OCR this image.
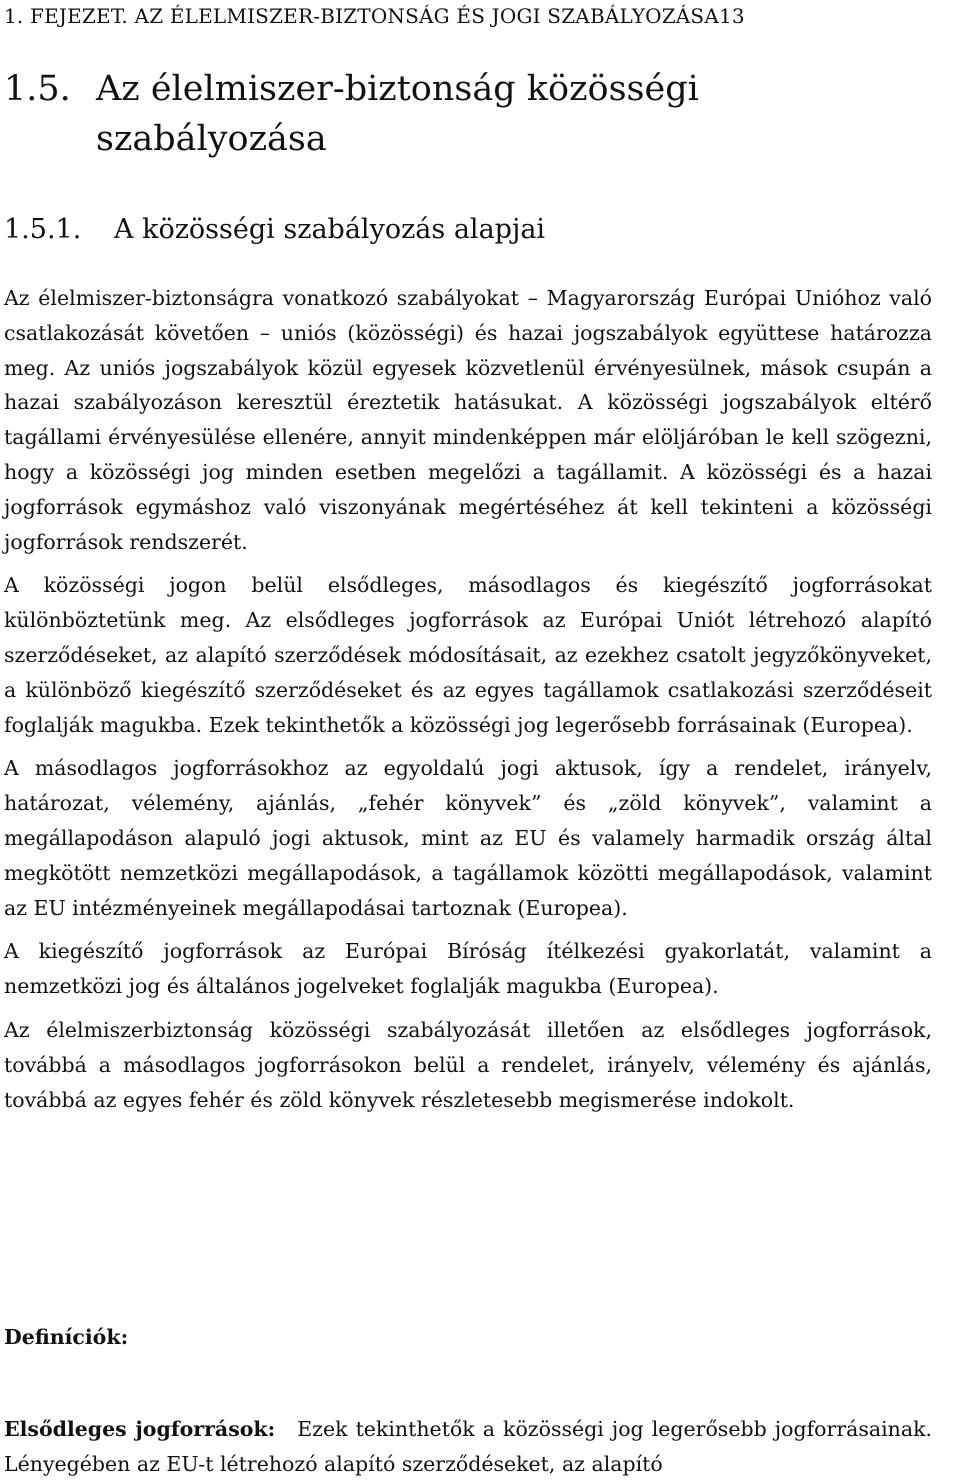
1. FEJEZET. AZ ÉLELMISZER-BIZTONSÁG ÉS JOGI SZABÁLYOZÁSA13
1.5. Az élelmiszer-biztonság közösségi szabályozása
1.5.1. A közösségi szabályozás alapjai

Az élelmiszer-biztonságra vonatkozó szabályokat – Magyarország Európai Unióhoz való csatlakozását követően – uniós (közösségi) és hazai jogszabályok együttese határozza meg. Az uniós jogszabályok közül egyesek közvetlenül érvényesülnek, mások csupán a hazai szabályozáson keresztül éreztetik hatásukat. A közösségi jogszabályok eltérő tagállami érvényesülése ellenére, annyit mindenképpen már elöljáróban le kell szögezni, hogy a közösségi jog minden esetben megelőzi a tagállamit. A közösségi és a hazai jogforrások egymáshoz való viszonyának megértéséhez át kell tekinteni a közösségi jogforrások rendszerét.

A közösségi jogon belül elsődleges, másodlagos és kiegészítő jogforrásokat különböztetünk meg. Az elsődleges jogforrások az Európai Uniót létrehozó alapító szerződéseket, az alapító szerződések módosításait, az ezekhez csatolt jegyzőkönyveket, a különböző kiegészítő szerződéseket és az egyes tagállamok csatlakozási szerződéseit foglalják magukba. Ezek tekinthetők a közösségi jog legerősebb forrásainak (Europea).

A másodlagos jogforrásokhoz az egyoldalú jogi aktusok, így a rendelet, irányelv, határozat, vélemény, ajánlás, „fehér könyvek” és „zöld könyvek”, valamint a megállapodáson alapuló jogi aktusok, mint az EU és valamely harmadik ország által megkötött nemzetközi megállapodások, a tagállamok közötti megállapodások, valamint az EU intézményeinek megállapodásai tartoznak (Europea).

A kiegészítő jogforrások az Európai Bíróság ítélkezési gyakorlatát, valamint a nemzetközi jog és általános jogelveket foglalják magukba (Europea).

Az élelmiszerbiztonság közösségi szabályozását illetően az elsődleges jogforrások, továbbá a másodlagos jogforrásokon belül a rendelet, irányelv, vélemény és ajánlás, továbbá az egyes fehér és zöld könyvek részletesebb megismerése indokolt.

Definíciók:
Elsődleges jogforrások: Ezek tekinthetők a közösségi jog legerősebb jogforrásainak. Lényegében az EU-t létrehozó alapító szerződéseket, az alapító
